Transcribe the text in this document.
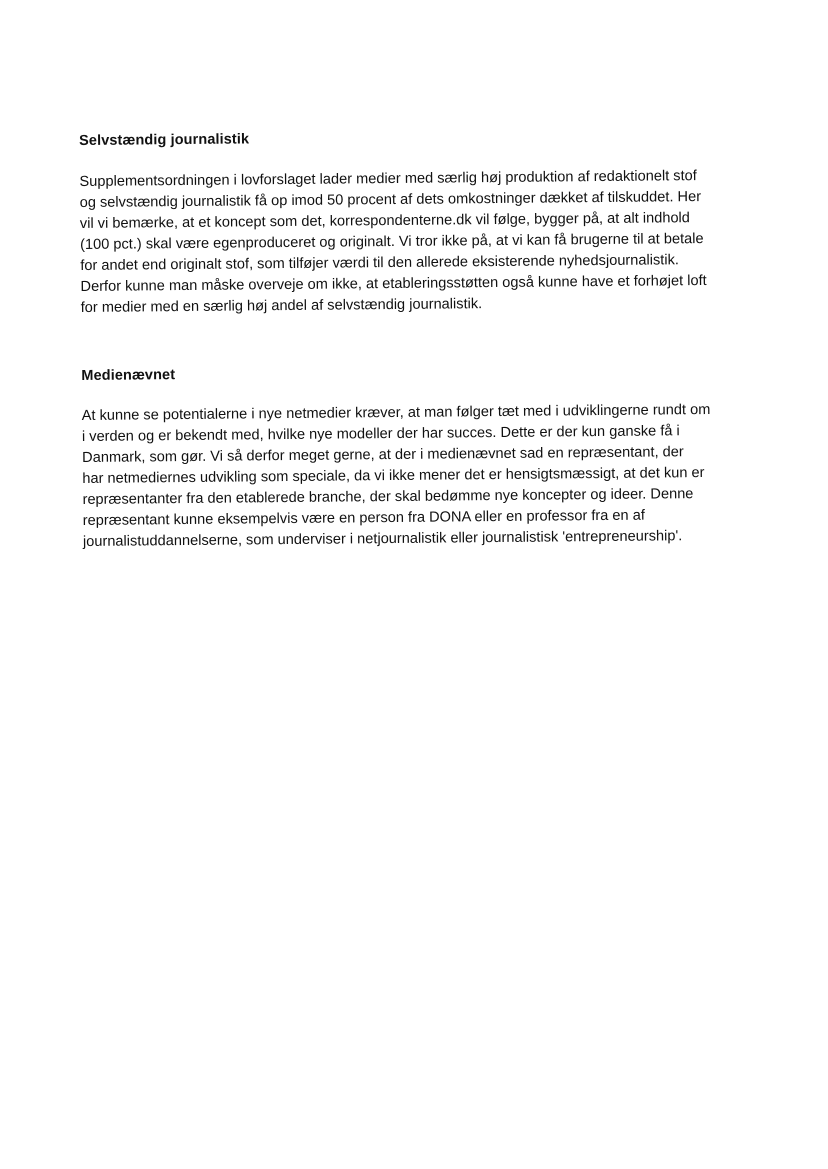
Selvstændig journalistik

Supplementsordningen i lovforslaget lader medier med særlig høj produktion af redaktionelt stof
og selvstændig journalistik få op imod 50 procent af dets omkostninger dækket af tilskuddet. Her
vil vi bemærke, at et koncept som det, korrespondenterne.dk vil følge, bygger på, at alt indhold
(100 pct.) skal være egenproduceret og originalt. Vi tror ikke på, at vi kan få brugerne til at betale
for andet end originalt stof, som tilføjer værdi til den allerede eksisterende nyhedsjournalistik.
Derfor kunne man måske overveje om ikke, at etableringsstøtten også kunne have et forhøjet loft
for medier med en særlig høj andel af selvstændig journalistik.

Medienævnet

At kunne se potentialerne i nye netmedier kræver, at man følger tæt med i udviklingerne rundt om
i verden og er bekendt med, hvilke nye modeller der har succes. Dette er der kun ganske få i
Danmark, som gør. Vi så derfor meget gerne, at der i medienævnet sad en repræsentant, der
har netmediernes udvikling som speciale, da vi ikke mener det er hensigtsmæssigt, at det kun er
repræsentanter fra den etablerede branche, der skal bedømme nye koncepter og ideer. Denne
repræsentant kunne eksempelvis være en person fra DONA eller en professor fra en af
journalistuddannelserne, som underviser i netjournalistik eller journalistisk 'entrepreneurship'.
